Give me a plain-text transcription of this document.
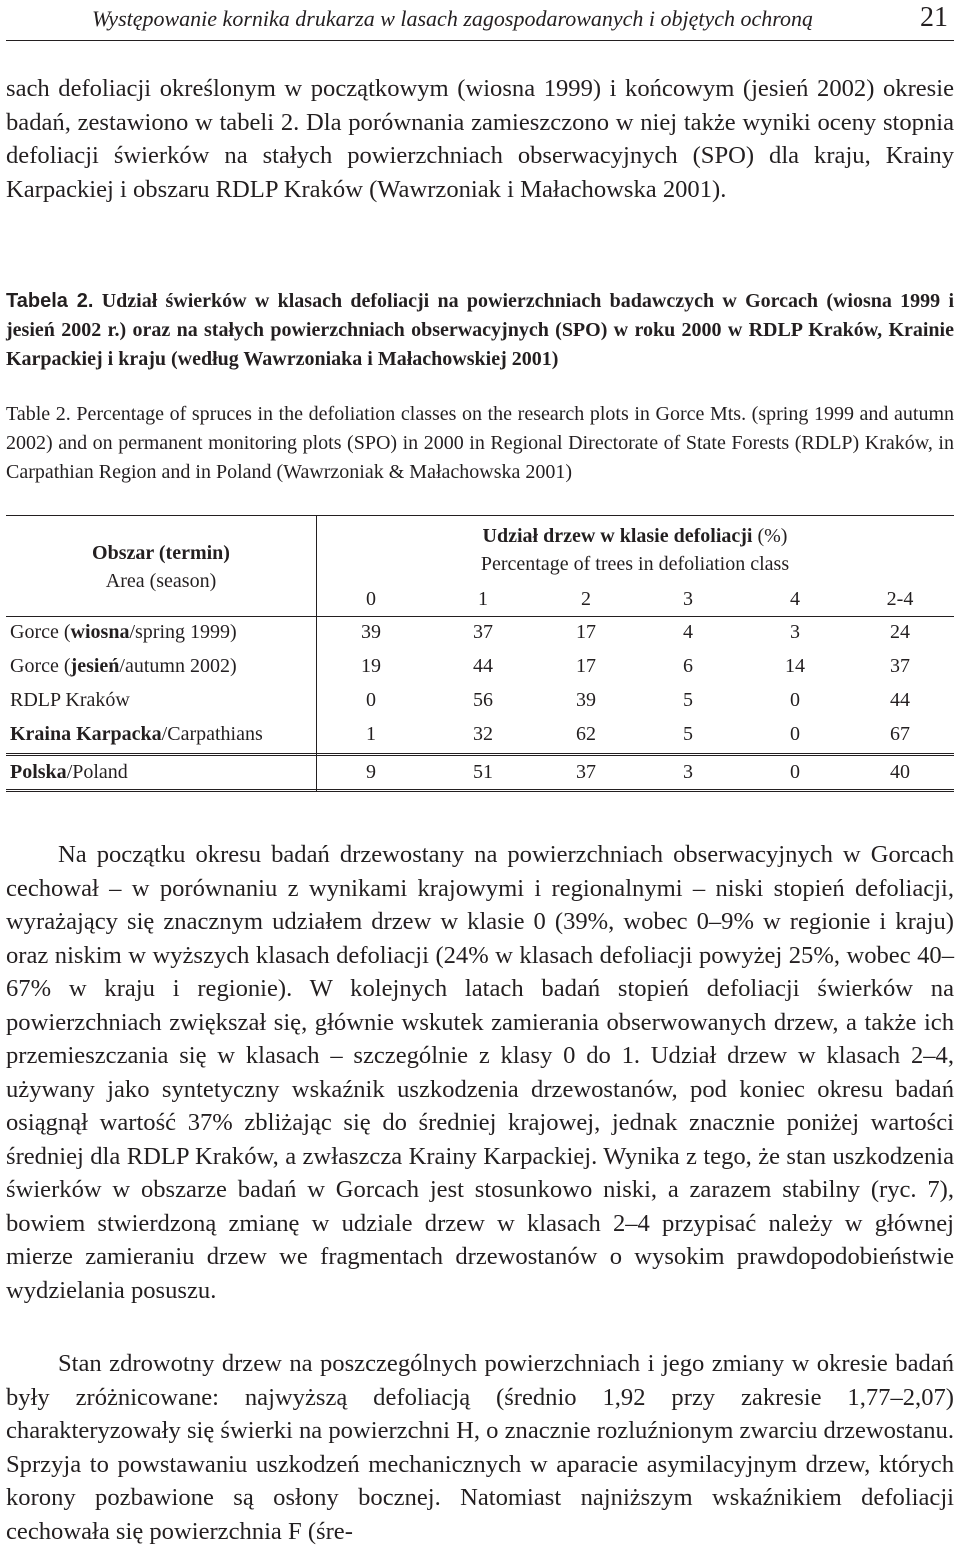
Występowanie kornika drukarza w lasach zagospodarowanych i objętych ochroną	21

sach defoliacji określonym w początkowym (wiosna 1999) i końcowym (jesień 2002) okresie badań, zestawiono w tabeli 2. Dla porównania zamieszczono w niej także wyniki oceny stopnia defoliacji świerków na stałych powierzchniach obserwacyjnych (SPO) dla kraju, Krainy Karpackiej i obszaru RDLP Kraków (Wawrzoniak i Małachowska 2001).

Tabela 2. Udział świerków w klasach defoliacji na powierzchniach badawczych w Gorcach (wiosna 1999 i jesień 2002 r.) oraz na stałych powierzchniach obserwacyjnych (SPO) w roku 2000 w RDLP Kraków, Krainie Karpackiej i kraju (według Wawrzoniaka i Małachowskiej 2001)

Table 2. Percentage of spruces in the defoliation classes on the research plots in Gorce Mts. (spring 1999 and autumn 2002) and on permanent monitoring plots (SPO) in 2000 in Regional Directorate of State Forests (RDLP) Kraków, in Carpathian Region and in Poland (Wawrzoniak & Małachowska 2001)

Obszar (termin)
Area (season)
Udział drzew w klasie defoliacji (%)
Percentage of trees in defoliation class
0	1	2	3	4	2-4
Gorce (wiosna/spring 1999)	39	37	17	4	3	24
Gorce (jesień/autumn 2002)	19	44	17	6	14	37
RDLP Kraków	0	56	39	5	0	44
Kraina Karpacka/Carpathians	1	32	62	5	0	67
Polska/Poland	9	51	37	3	0	40

Na początku okresu badań drzewostany na powierzchniach obserwacyjnych w Gorcach cechował – w porównaniu z wynikami krajowymi i regionalnymi – niski stopień defoliacji, wyrażający się znacznym udziałem drzew w klasie 0 (39%, wobec 0–9% w regionie i kraju) oraz niskim w wyższych klasach defoliacji (24% w klasach defoliacji powyżej 25%, wobec 40–67% w kraju i regionie). W kolejnych latach badań stopień defoliacji świerków na powierzchniach zwiększał się, głównie wskutek zamierania obserwowanych drzew, a także ich przemieszczania się w klasach – szczególnie z klasy 0 do 1. Udział drzew w klasach 2–4, używany jako syntetyczny wskaźnik uszkodzenia drzewostanów, pod koniec okresu badań osiągnął wartość 37% zbliżając się do średniej krajowej, jednak znacznie poniżej wartości średniej dla RDLP Kraków, a zwłaszcza Krainy Karpackiej. Wynika z tego, że stan uszkodzenia świerków w obszarze badań w Gorcach jest stosunkowo niski, a zarazem stabilny (ryc. 7), bowiem stwierdzoną zmianę w udziale drzew w klasach 2–4 przypisać należy w głównej mierze zamieraniu drzew we fragmentach drzewostanów o wysokim prawdopodobieństwie wydzielania posuszu.

Stan zdrowotny drzew na poszczególnych powierzchniach i jego zmiany w okresie badań były zróżnicowane: najwyższą defoliacją (średnio 1,92 przy zakresie 1,77–2,07) charakteryzowały się świerki na powierzchni H, o znacznie rozluźnionym zwarciu drzewostanu. Sprzyja to powstawaniu uszkodzeń mechanicznych w aparacie asymilacyjnym drzew, których korony pozbawione są osłony bocznej. Natomiast najniższym wskaźnikiem defoliacji cechowała się powierzchnia F (śre-
